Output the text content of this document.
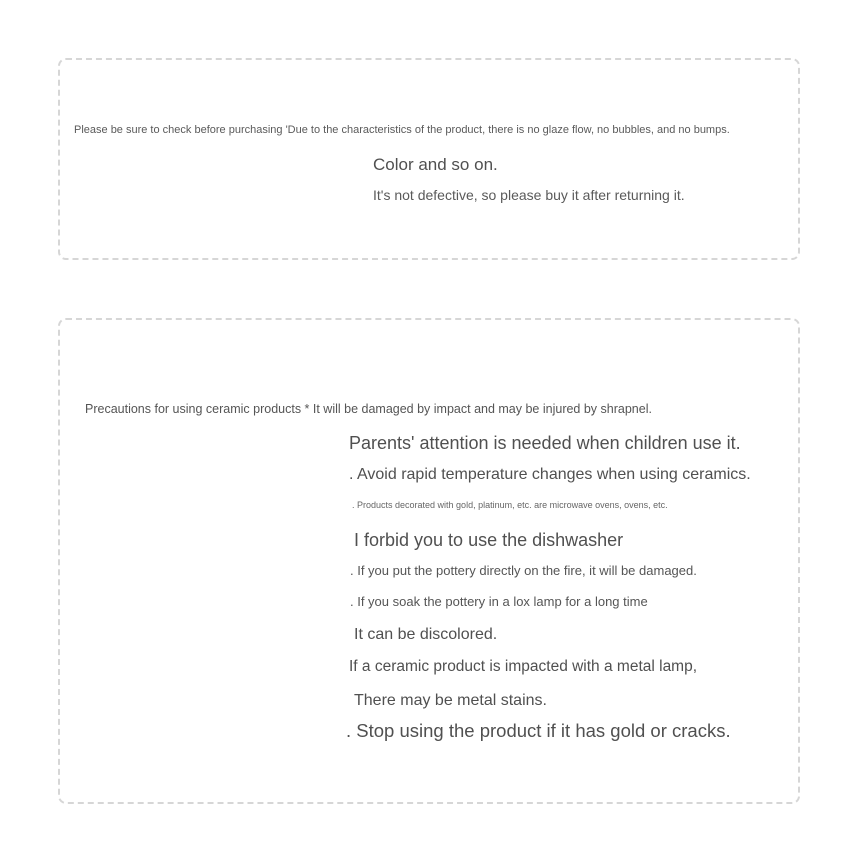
Please be sure to check before purchasing 'Due to the characteristics of the product, there is no glaze flow, no bubbles, and no bumps.
Color and so on.
It's not defective, so please buy it after returning it.
Precautions for using ceramic products * It will be damaged by impact and may be injured by shrapnel.
Parents' attention is needed when children use it.
. Avoid rapid temperature changes when using ceramics.
. Products decorated with gold, platinum, etc. are microwave ovens, ovens, etc.
I forbid you to use the dishwasher
. If you put the pottery directly on the fire, it will be damaged.
. If you soak the pottery in a lox lamp for a long time
It can be discolored.
If a ceramic product is impacted with a metal lamp,
There may be metal stains.
. Stop using the product if it has gold or cracks.
